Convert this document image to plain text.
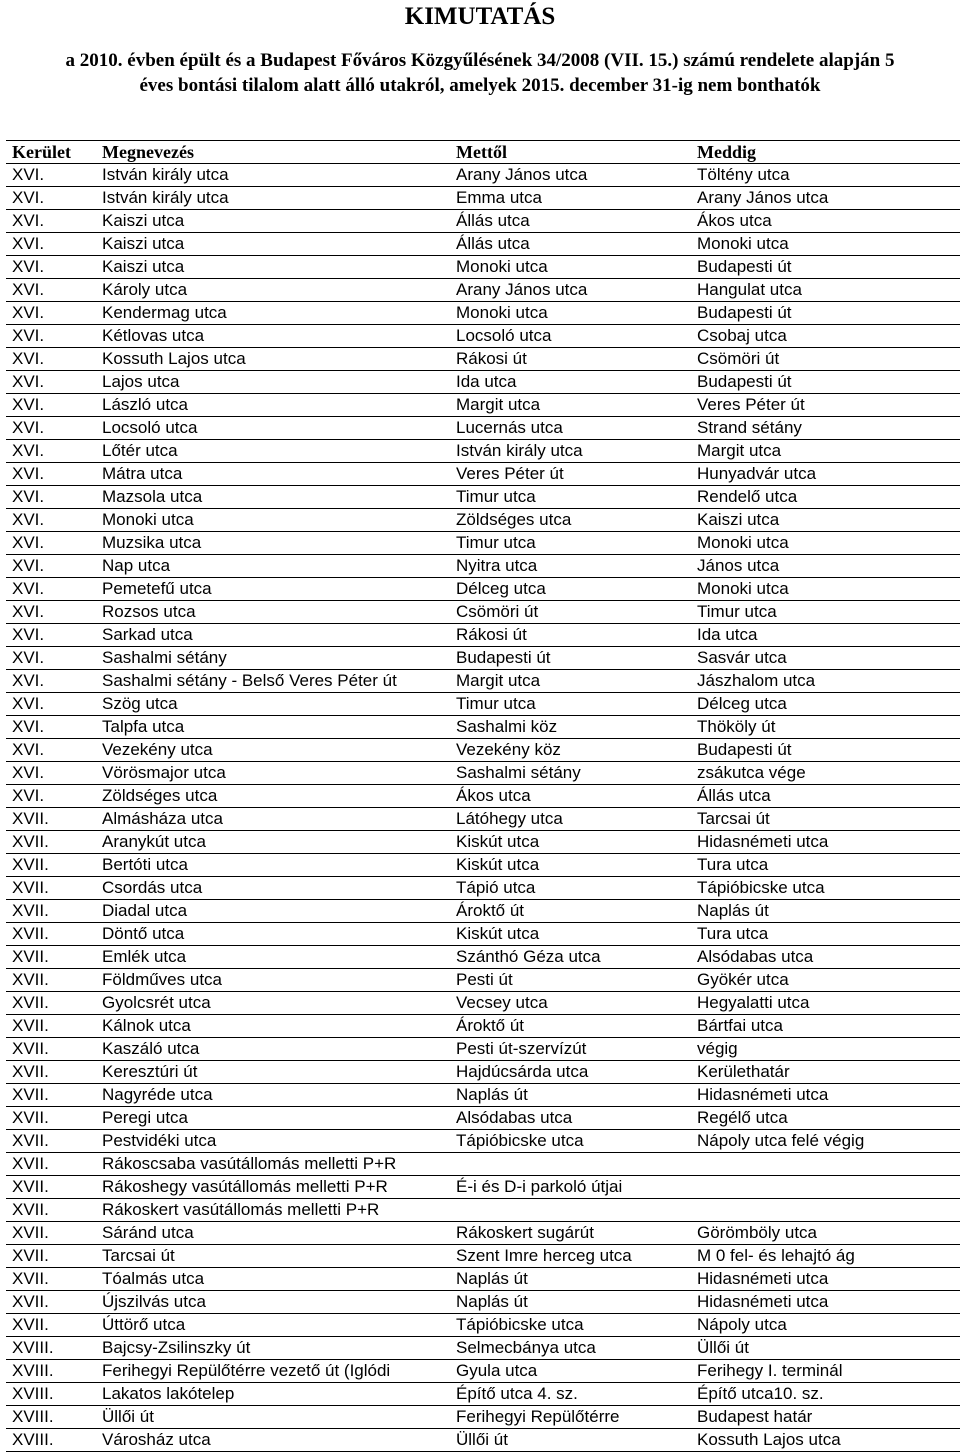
KIMUTATÁS
a 2010. évben épült és a Budapest Főváros Közgyűlésének 34/2008 (VII. 15.) számú rendelete alapján 5
éves bontási tilalom alatt álló utakról, amelyek 2015. december 31-ig nem bonthatók
Kerület	Megnevezés	Mettől	Meddig
XVI.	István király utca	Arany János utca	Töltény utca
XVI.	István király utca	Emma utca	Arany János utca
XVI.	Kaiszi utca	Állás utca	Ákos utca
XVI.	Kaiszi utca	Állás utca	Monoki utca
XVI.	Kaiszi utca	Monoki utca	Budapesti út
XVI.	Károly utca	Arany János utca	Hangulat utca
XVI.	Kendermag utca	Monoki utca	Budapesti út
XVI.	Kétlovas utca	Locsoló utca	Csobaj utca
XVI.	Kossuth Lajos utca	Rákosi út	Csömöri út
XVI.	Lajos utca	Ida utca	Budapesti út
XVI.	László utca	Margit utca	Veres Péter út
XVI.	Locsoló utca	Lucernás utca	Strand sétány
XVI.	Lőtér utca	István király utca	Margit utca
XVI.	Mátra utca	Veres Péter út	Hunyadvár utca
XVI.	Mazsola utca	Timur utca	Rendelő utca
XVI.	Monoki utca	Zöldséges utca	Kaiszi utca
XVI.	Muzsika utca	Timur utca	Monoki utca
XVI.	Nap utca	Nyitra utca	János utca
XVI.	Pemetefű utca	Délceg utca	Monoki utca
XVI.	Rozsos utca	Csömöri út	Timur utca
XVI.	Sarkad utca	Rákosi út	Ida utca
XVI.	Sashalmi sétány	Budapesti út	Sasvár utca
XVI.	Sashalmi sétány - Belső Veres Péter út	Margit utca	Jászhalom utca
XVI.	Szög utca	Timur utca	Délceg utca
XVI.	Talpfa utca	Sashalmi köz	Thököly út
XVI.	Vezekény utca	Vezekény köz	Budapesti út
XVI.	Vörösmajor utca	Sashalmi sétány	zsákutca vége
XVI.	Zöldséges utca	Ákos utca	Állás utca
XVII.	Almásháza utca	Látóhegy utca	Tarcsai út
XVII.	Aranykút utca	Kiskút utca	Hidasnémeti utca
XVII.	Bertóti utca	Kiskút utca	Tura utca
XVII.	Csordás utca	Tápió utca	Tápióbicske utca
XVII.	Diadal utca	Ároktő út	Naplás út
XVII.	Döntő utca	Kiskút utca	Tura utca
XVII.	Emlék utca	Szánthó Géza utca	Alsódabas utca
XVII.	Földműves utca	Pesti út	Gyökér utca
XVII.	Gyolcsrét utca	Vecsey utca	Hegyalatti utca
XVII.	Kálnok utca	Ároktő út	Bártfai utca
XVII.	Kaszáló utca	Pesti út-szervízút	végig
XVII.	Keresztúri út	Hajdúcsárda utca	Kerülethatár
XVII.	Nagyréde utca	Naplás út	Hidasnémeti utca
XVII.	Peregi utca	Alsódabas utca	Regélő utca
XVII.	Pestvidéki utca	Tápióbicske utca	Nápoly utca felé végig
XVII.	Rákoscsaba vasútállomás melletti P+R		
XVII.	Rákoshegy vasútállomás melletti P+R	É-i és D-i parkoló útjai	
XVII.	Rákoskert vasútállomás melletti P+R		
XVII.	Sáránd utca	Rákoskert sugárút	Görömböly utca
XVII.	Tarcsai út	Szent Imre herceg utca	M 0 fel- és lehajtó ág
XVII.	Tóalmás utca	Naplás út	Hidasnémeti utca
XVII.	Újszilvás utca	Naplás út	Hidasnémeti utca
XVII.	Úttörő utca	Tápióbicske utca	Nápoly utca
XVIII.	Bajcsy-Zsilinszky út	Selmecbánya utca	Üllői út
XVIII.	Ferihegyi Repülőtérre vezető út (Iglódi	Gyula utca	Ferihegy I. terminál
XVIII.	Lakatos lakótelep	Építő utca 4. sz.	Építő utca10. sz.
XVIII.	Üllői út	Ferihegyi Repülőtérre	Budapest határ
XVIII.	Városház utca	Üllői út	Kossuth Lajos utca
